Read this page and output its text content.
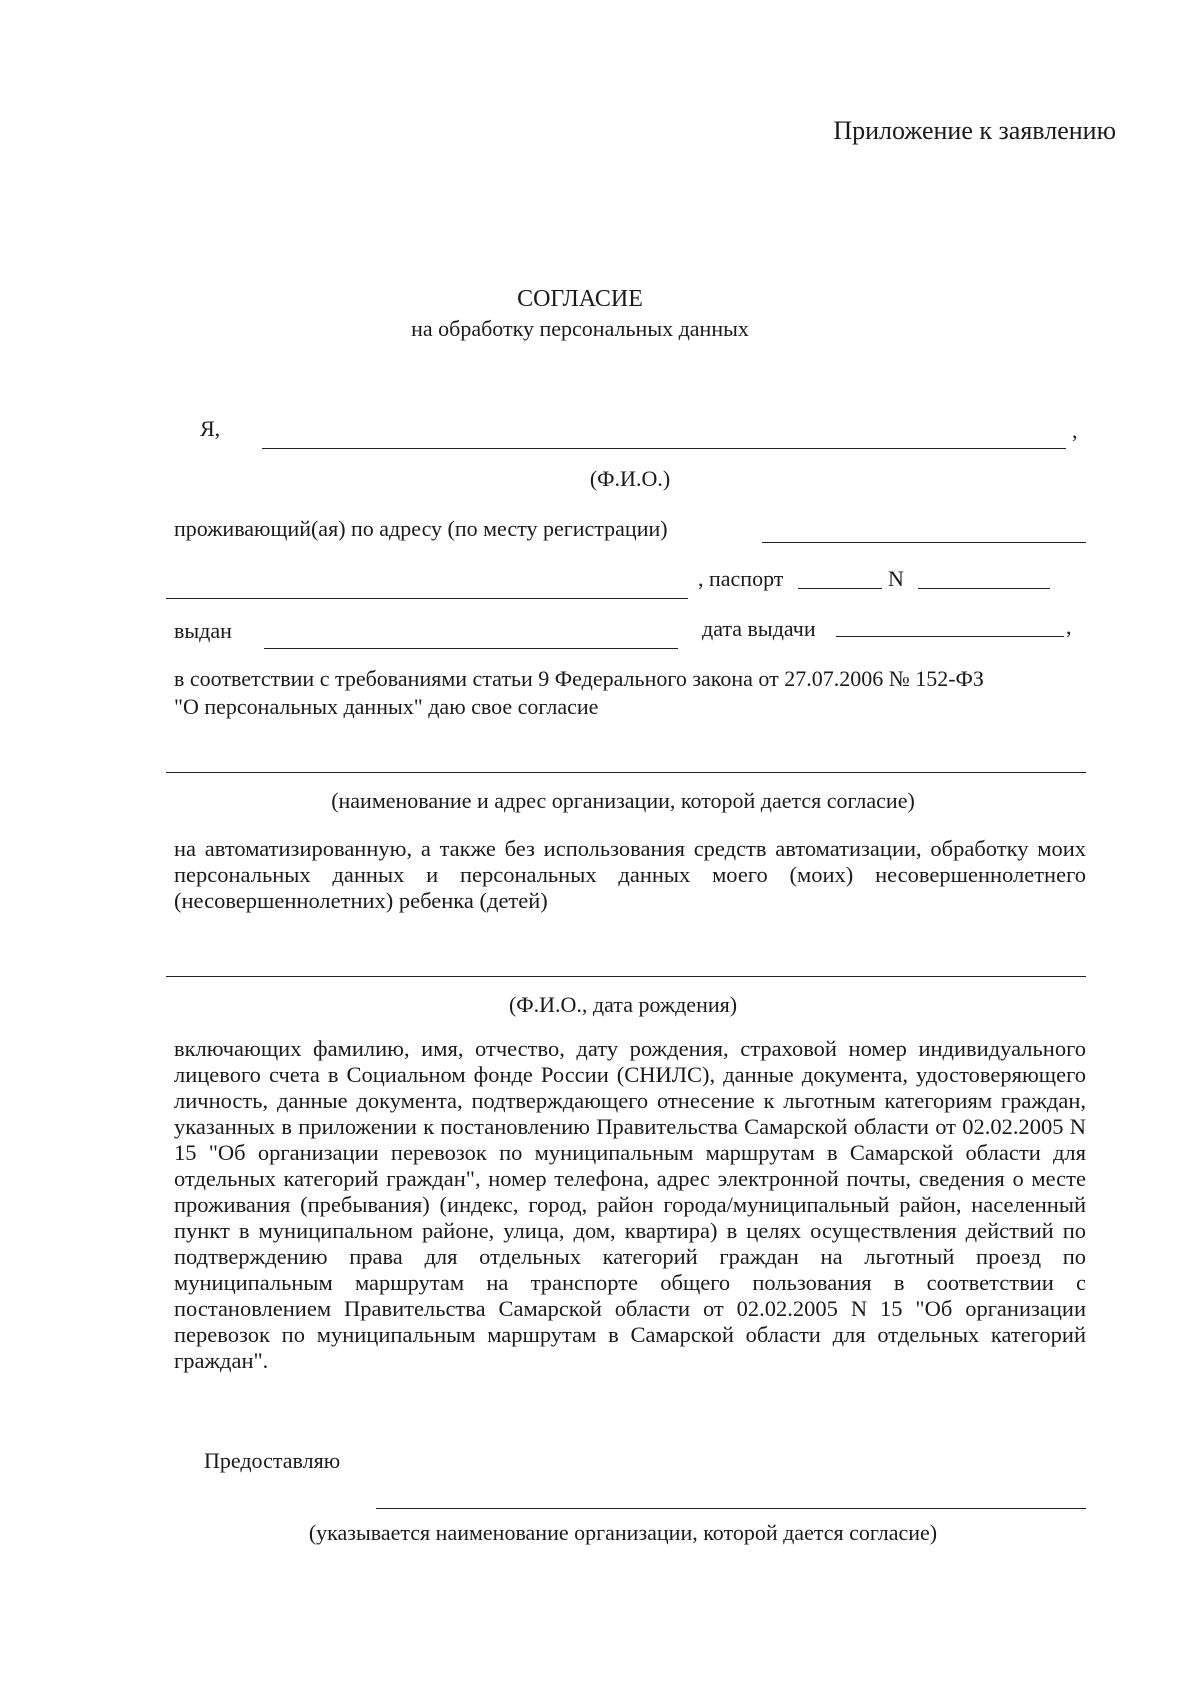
Приложение к заявлению
СОГЛАСИЕ
на обработку персональных данных
Я,	,
(Ф.И.О.)
проживающий(ая) по адресу (по месту регистрации)
, паспорт	N
выдан	дата выдачи	,
в соответствии с требованиями статьи 9 Федерального закона от 27.07.2006 № 152-ФЗ
"О персональных данных" даю свое согласие
(наименование и адрес организации, которой дается согласие)
на автоматизированную, а также без использования средств автоматизации, обработку моих персональных данных и персональных данных моего (моих) несовершеннолетнего (несовершеннолетних) ребенка (детей)
(Ф.И.О., дата рождения)
включающих фамилию, имя, отчество, дату рождения, страховой номер индивидуального лицевого счета в Социальном фонде России (СНИЛС), данные документа, удостоверяющего личность, данные документа, подтверждающего отнесение к льготным категориям граждан, указанных в приложении к постановлению Правительства Самарской области от 02.02.2005 N 15 "Об организации перевозок по муниципальным маршрутам в Самарской области для отдельных категорий граждан", номер телефона, адрес электронной почты, сведения о месте проживания (пребывания) (индекс, город, район города/муниципальный район, населенный пункт в муниципальном районе, улица, дом, квартира) в целях осуществления действий по подтверждению права для отдельных категорий граждан на льготный проезд по муниципальным маршрутам на транспорте общего пользования в соответствии с постановлением Правительства Самарской области от 02.02.2005 N 15 "Об организации перевозок по муниципальным маршрутам в Самарской области для отдельных категорий граждан".
Предоставляю
(указывается наименование организации, которой дается согласие)
